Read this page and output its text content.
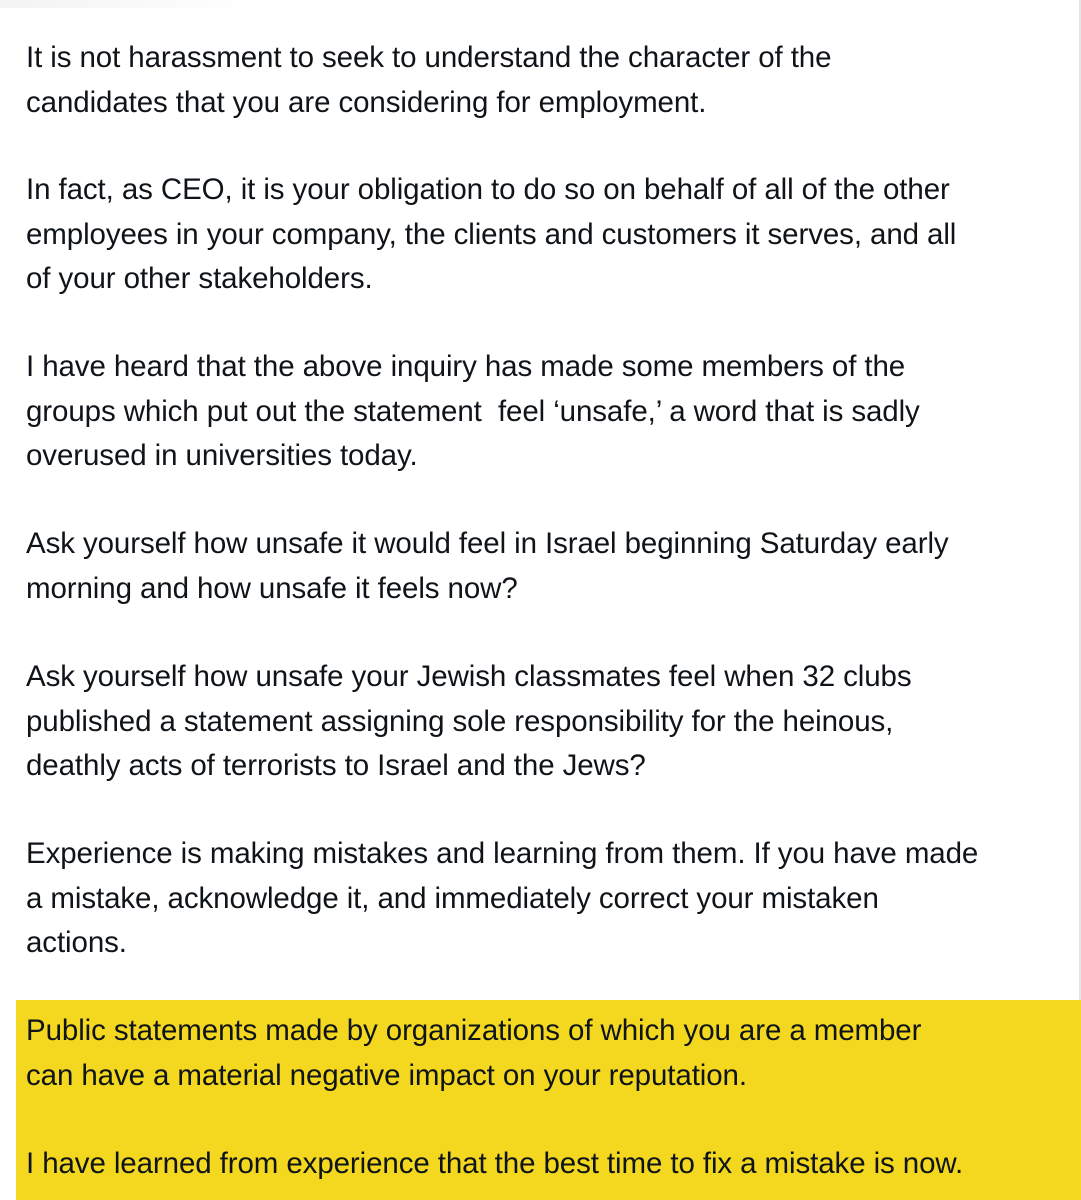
It is not harassment to seek to understand the character of the
candidates that you are considering for employment.

In fact, as CEO, it is your obligation to do so on behalf of all of the other
employees in your company, the clients and customers it serves, and all
of your other stakeholders.

I have heard that the above inquiry has made some members of the
groups which put out the statement  feel ‘unsafe,’ a word that is sadly
overused in universities today.

Ask yourself how unsafe it would feel in Israel beginning Saturday early
morning and how unsafe it feels now?

Ask yourself how unsafe your Jewish classmates feel when 32 clubs
published a statement assigning sole responsibility for the heinous,
deathly acts of terrorists to Israel and the Jews?

Experience is making mistakes and learning from them. If you have made
a mistake, acknowledge it, and immediately correct your mistaken
actions.

Public statements made by organizations of which you are a member
can have a material negative impact on your reputation.

I have learned from experience that the best time to fix a mistake is now.
